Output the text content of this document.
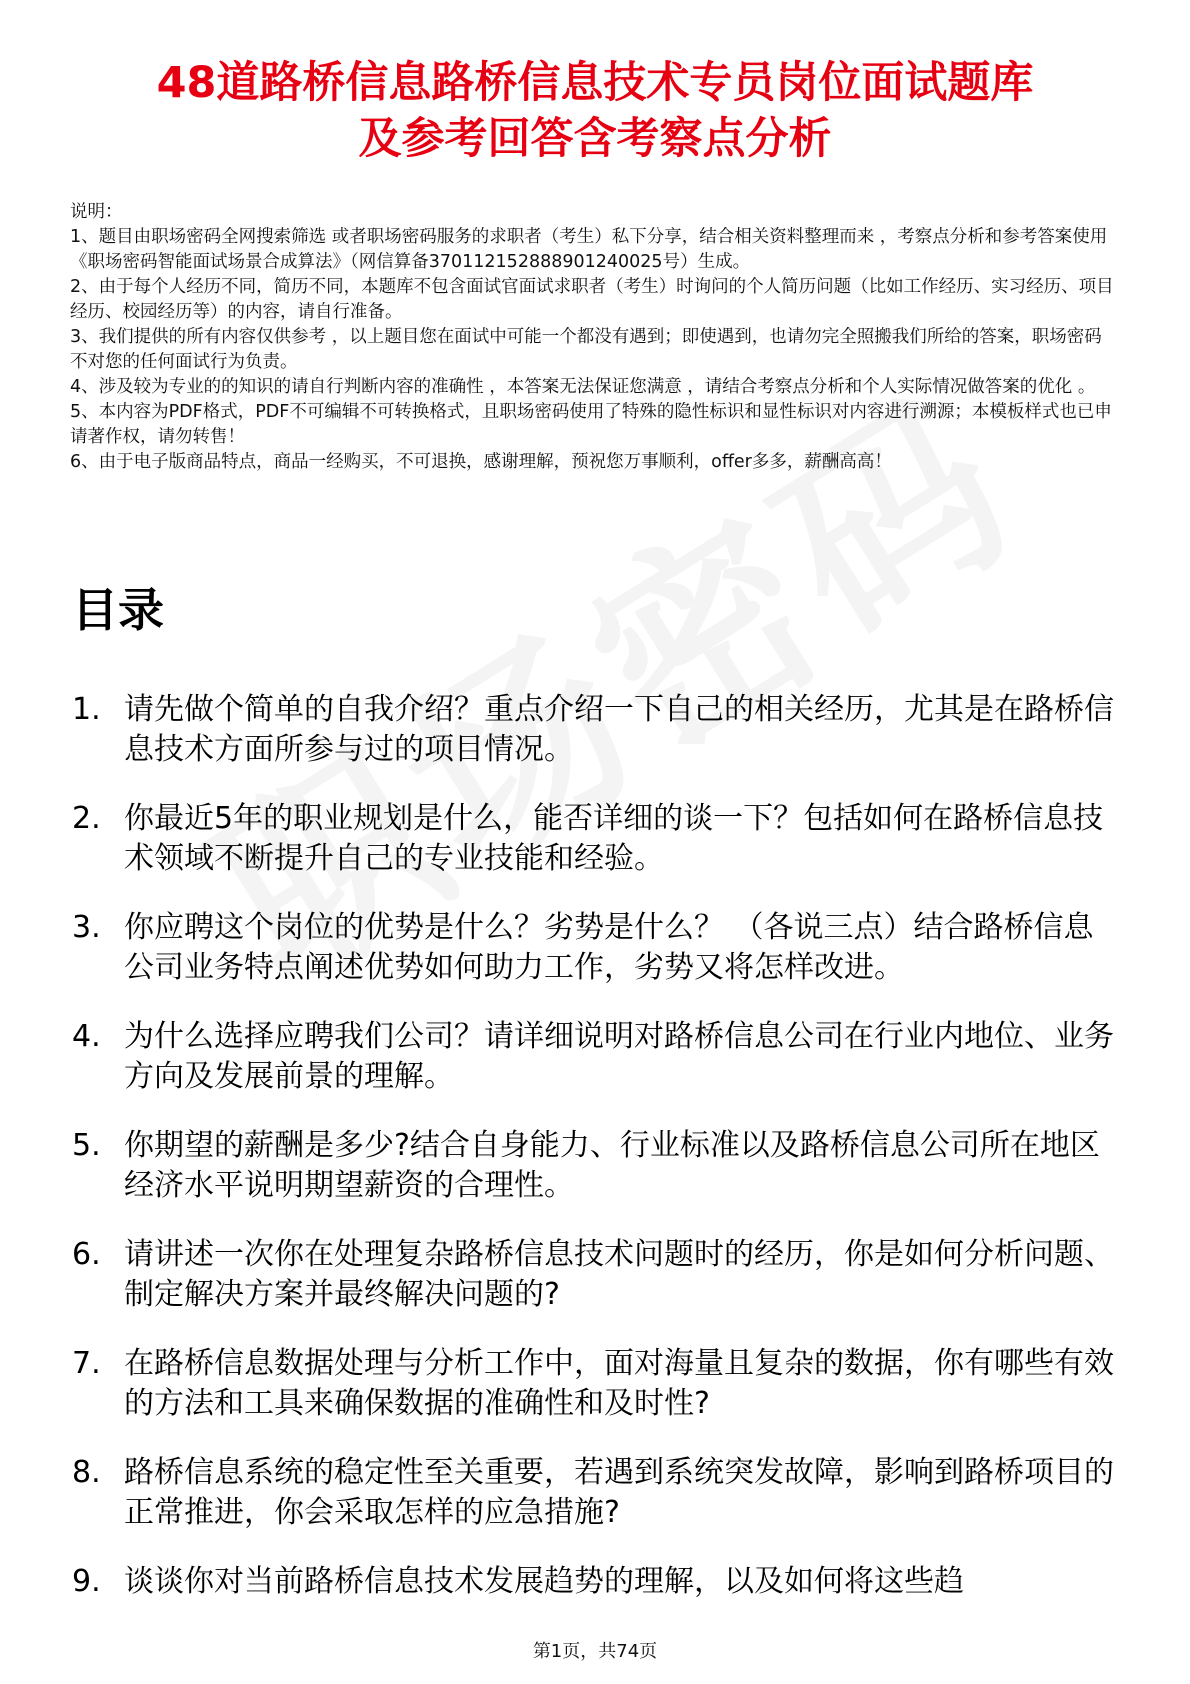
48道路桥信息路桥信息技术专员岗位面试题库
及参考回答含考察点分析
说明：
1、题目由职场密码全网搜索筛选 或者职场密码服务的求职者（考生）私下分享，结合相关资料整理而来 ，考察点分析和参考答案使用《职场密码智能面试场景合成算法》（网信算备370112152888901240025号）生成。
2、由于每个人经历不同，简历不同，本题库不包含面试官面试求职者（考生）时询问的个人简历问题（比如工作经历、实习经历、项目经历、校园经历等）的内容，请自行准备。
3、我们提供的所有内容仅供参考 ，以上题目您在面试中可能一个都没有遇到；即使遇到，也请勿完全照搬我们所给的答案，职场密码不对您的任何面试行为负责。
4、涉及较为专业的的知识的请自行判断内容的准确性 ，本答案无法保证您满意 ，请结合考察点分析和个人实际情况做答案的优化 。
5、本内容为PDF格式，PDF不可编辑不可转换格式，且职场密码使用了特殊的隐性标识和显性标识对内容进行溯源；本模板样式也已申请著作权，请勿转售！
6、由于电子版商品特点，商品一经购买，不可退换，感谢理解，预祝您万事顺利，offer多多，薪酬高高！
目录
1. 请先做个简单的自我介绍？重点介绍一下自己的相关经历，尤其是在路桥信息技术方面所参与过的项目情况。
2. 你最近5年的职业规划是什么，能否详细的谈一下？包括如何在路桥信息技术领域不断提升自己的专业技能和经验。
3. 你应聘这个岗位的优势是什么？劣势是什么？ （各说三点）结合路桥信息公司业务特点阐述优势如何助力工作，劣势又将怎样改进。
4. 为什么选择应聘我们公司？请详细说明对路桥信息公司在行业内地位、业务方向及发展前景的理解。
5. 你期望的薪酬是多少?结合自身能力、行业标准以及路桥信息公司所在地区经济水平说明期望薪资的合理性。
6. 请讲述一次你在处理复杂路桥信息技术问题时的经历，你是如何分析问题、制定解决方案并最终解决问题的?
7. 在路桥信息数据处理与分析工作中，面对海量且复杂的数据，你有哪些有效的方法和工具来确保数据的准确性和及时性?
8. 路桥信息系统的稳定性至关重要，若遇到系统突发故障，影响到路桥项目的正常推进，你会采取怎样的应急措施?
9. 谈谈你对当前路桥信息技术发展趋势的理解，以及如何将这些趋
第1页，共74页
